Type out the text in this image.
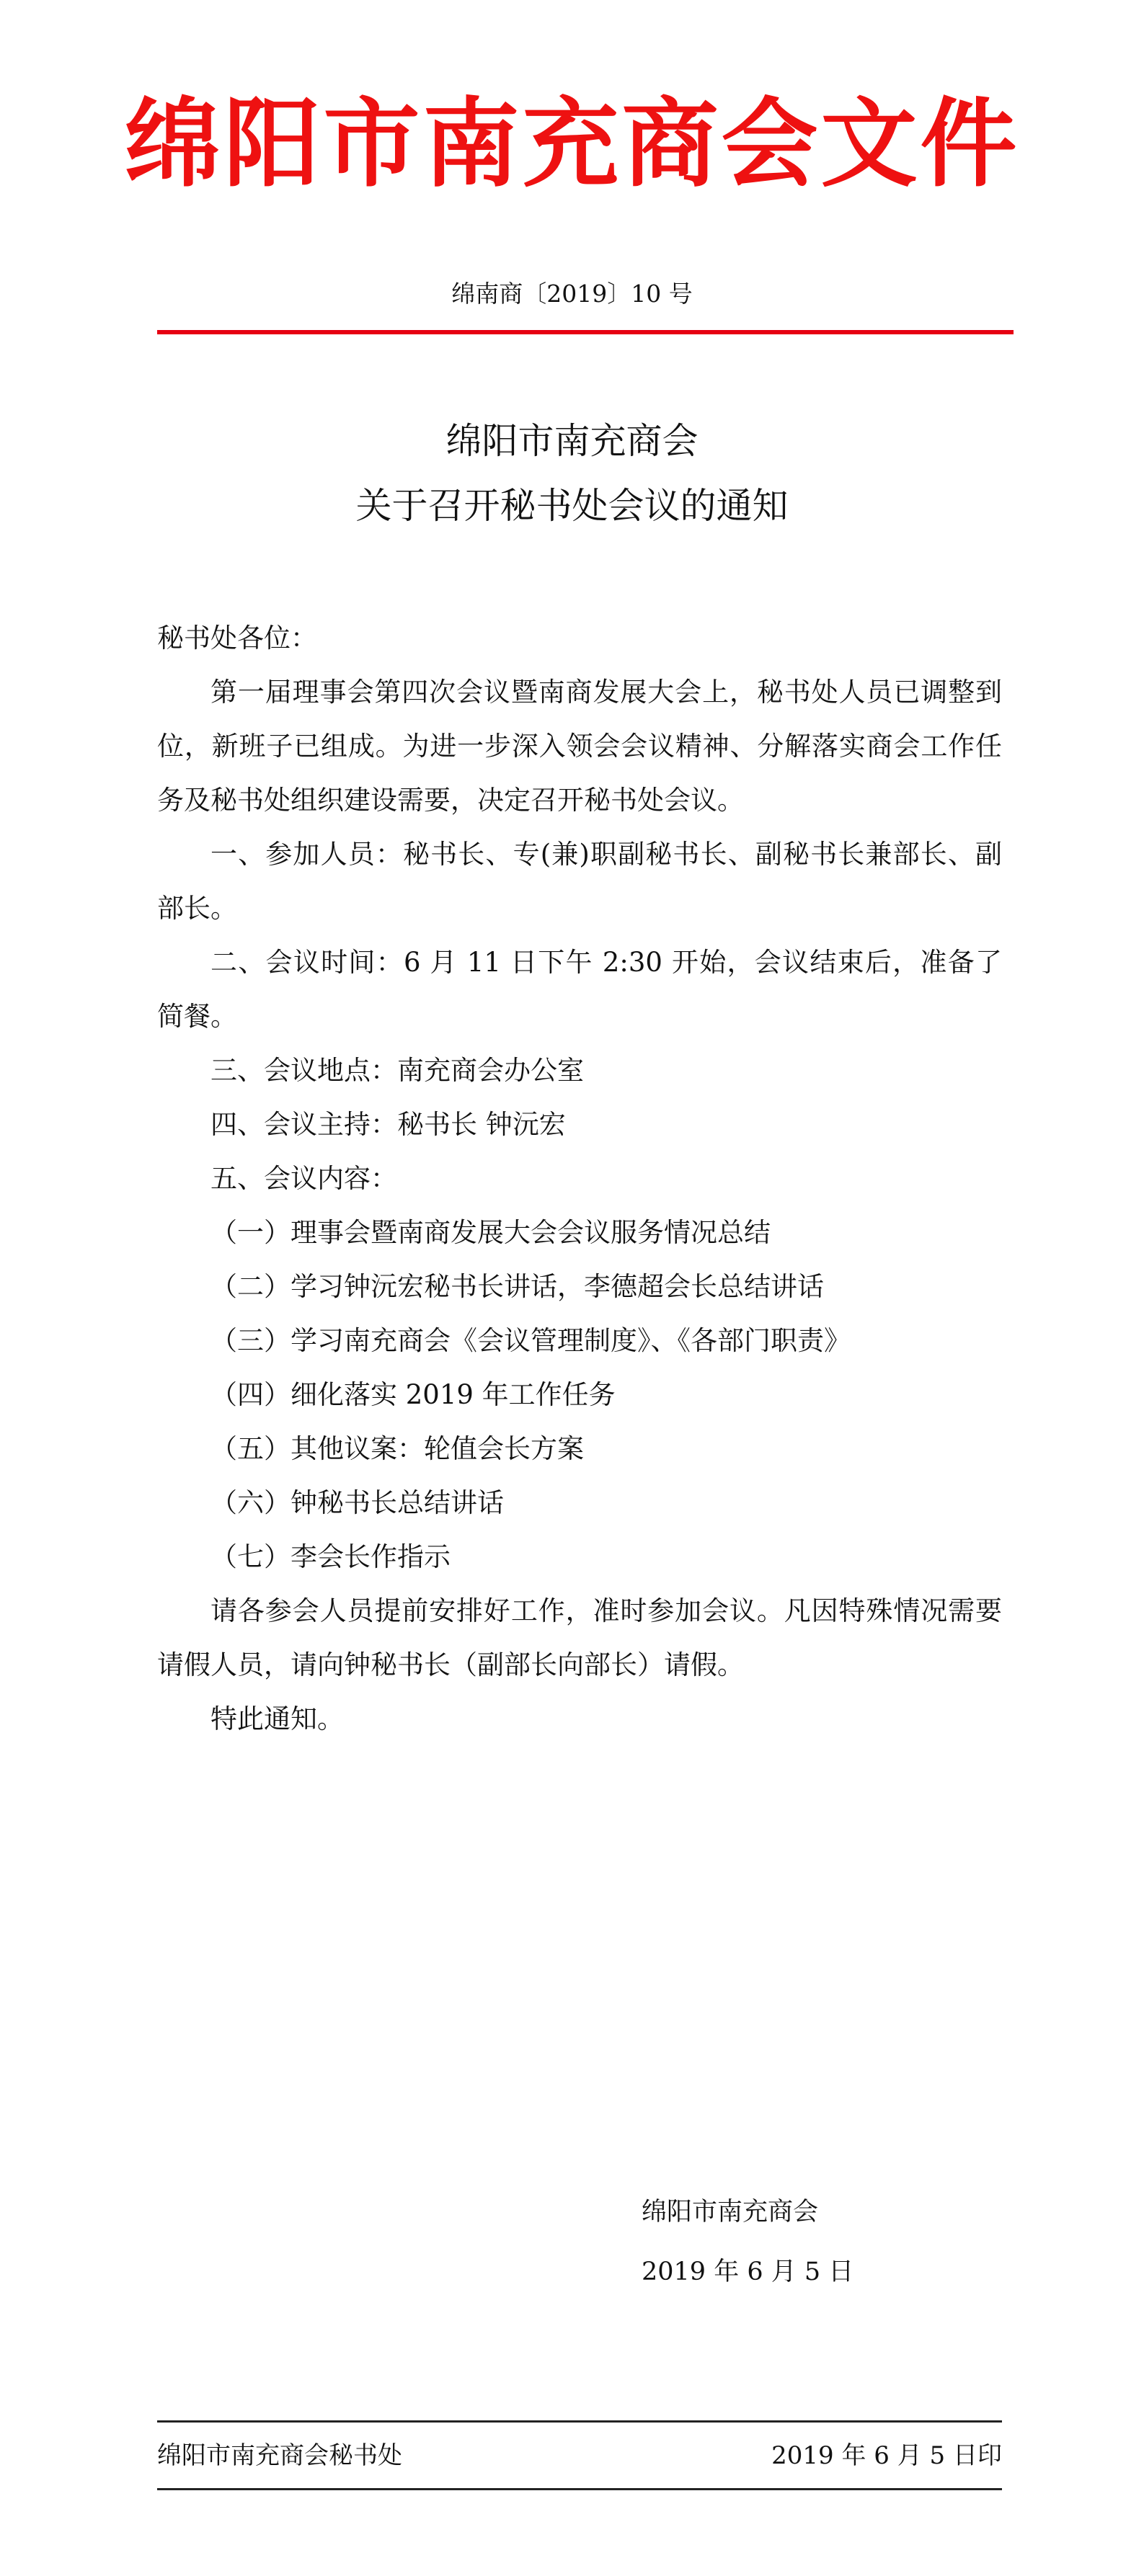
绵阳市南充商会文件
绵南商〔2019〕10 号
绵阳市南充商会
关于召开秘书处会议的通知

秘书处各位：

第一届理事会第四次会议暨南商发展大会上，秘书处人员已调整到位，新班子已组成。为进一步深入领会会议精神、分解落实商会工作任务及秘书处组织建设需要，决定召开秘书处会议。

一、参加人员：秘书长、专(兼)职副秘书长、副秘书长兼部长、副部长。

二、会议时间：6 月 11 日下午 2:30 开始，会议结束后，准备了简餐。

三、会议地点：南充商会办公室

四、会议主持：秘书长 钟沅宏

五、会议内容：

（一）理事会暨南商发展大会会议服务情况总结

（二）学习钟沅宏秘书长讲话，李德超会长总结讲话

（三）学习南充商会《会议管理制度》、《各部门职责》

（四）细化落实 2019 年工作任务

（五）其他议案：轮值会长方案

（六）钟秘书长总结讲话

（七）李会长作指示

请各参会人员提前安排好工作，准时参加会议。凡因特殊情况需要请假人员，请向钟秘书长（副部长向部长）请假。

特此通知。

绵阳市南充商会
2019 年 6 月 5 日
绵阳市南充商会秘书处	2019 年 6 月 5 日印
